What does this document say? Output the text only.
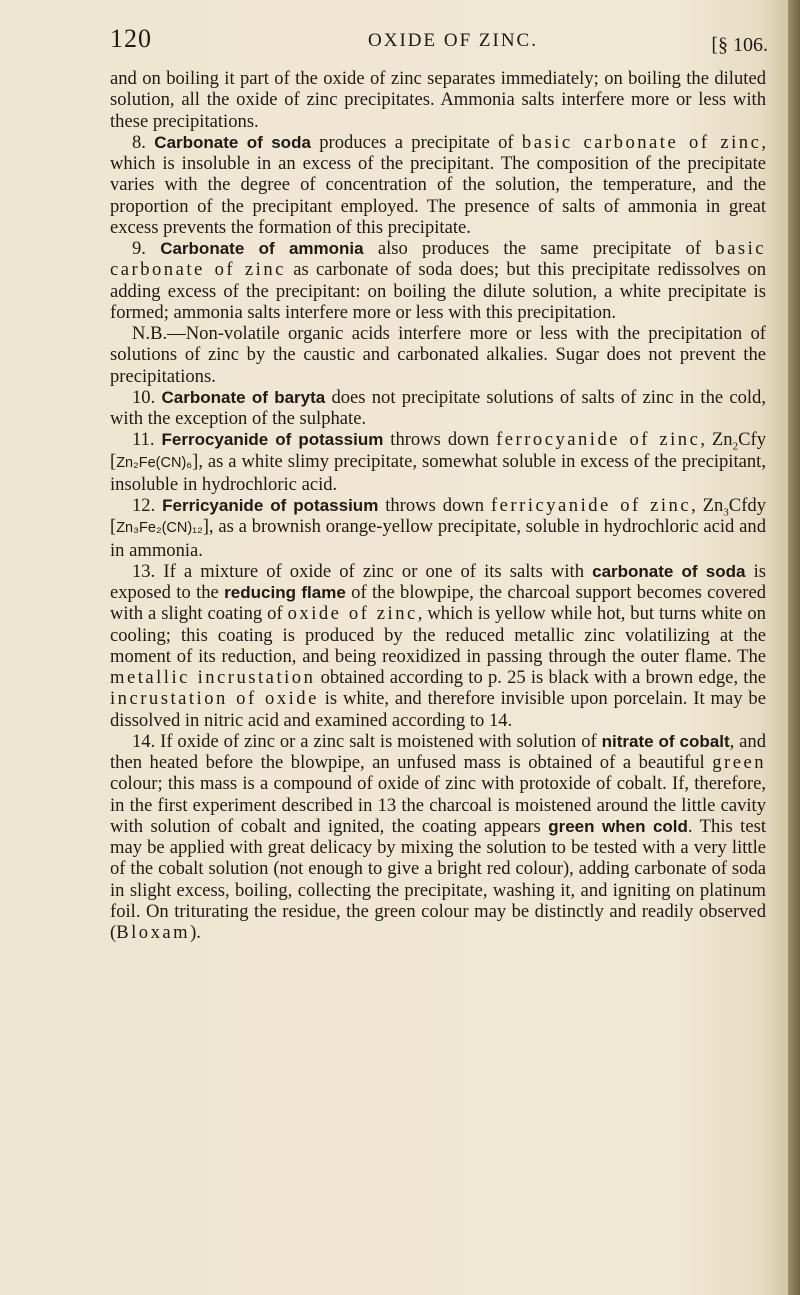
120	OXIDE OF ZINC.	[§ 106.

and on boiling it part of the oxide of zinc separates immediately; on boiling the diluted solution, all the oxide of zinc precipitates. Ammonia salts interfere more or less with these precipitations.

8. Carbonate of soda produces a precipitate of basic carbonate of zinc, which is insoluble in an excess of the precipitant. The composition of the precipitate varies with the degree of concentration of the solution, the temperature, and the proportion of the precipitant employed. The presence of salts of ammonia in great excess prevents the formation of this precipitate.

9. Carbonate of ammonia also produces the same precipitate of basic carbonate of zinc as carbonate of soda does; but this precipitate redissolves on adding excess of the precipitant: on boiling the dilute solution, a white precipitate is formed; ammonia salts interfere more or less with this precipitation.

N.B.—Non-volatile organic acids interfere more or less with the precipitation of solutions of zinc by the caustic and carbonated alkalies. Sugar does not prevent the precipitations.

10. Carbonate of baryta does not precipitate solutions of salts of zinc in the cold, with the exception of the sulphate.

11. Ferrocyanide of potassium throws down ferrocyanide of zinc, $Zn_2Cfy$ [Zn₂Fe(CN)₆], as a white slimy precipitate, somewhat soluble in excess of the precipitant, insoluble in hydrochloric acid.

12. Ferricyanide of potassium throws down ferricyanide of zinc, $Zn_3Cfdy$ [Zn₃Fe₂(CN)₁₂], as a brownish orange-yellow precipitate, soluble in hydrochloric acid and in ammonia.

13. If a mixture of oxide of zinc or one of its salts with carbonate of soda is exposed to the reducing flame of the blowpipe, the charcoal support becomes covered with a slight coating of oxide of zinc, which is yellow while hot, but turns white on cooling; this coating is produced by the reduced metallic zinc volatilizing at the moment of its reduction, and being reoxidized in passing through the outer flame. The metallic incrustation obtained according to p. 25 is black with a brown edge, the incrustation of oxide is white, and therefore invisible upon porcelain. It may be dissolved in nitric acid and examined according to 14.

14. If oxide of zinc or a zinc salt is moistened with solution of nitrate of cobalt, and then heated before the blowpipe, an unfused mass is obtained of a beautiful green colour; this mass is a compound of oxide of zinc with protoxide of cobalt. If, therefore, in the first experiment described in 13 the charcoal is moistened around the little cavity with solution of cobalt and ignited, the coating appears green when cold. This test may be applied with great delicacy by mixing the solution to be tested with a very little of the cobalt solution (not enough to give a bright red colour), adding carbonate of soda in slight excess, boiling, collecting the precipitate, washing it, and igniting on platinum foil. On triturating the residue, the green colour may be distinctly and readily observed (Bloxam).
